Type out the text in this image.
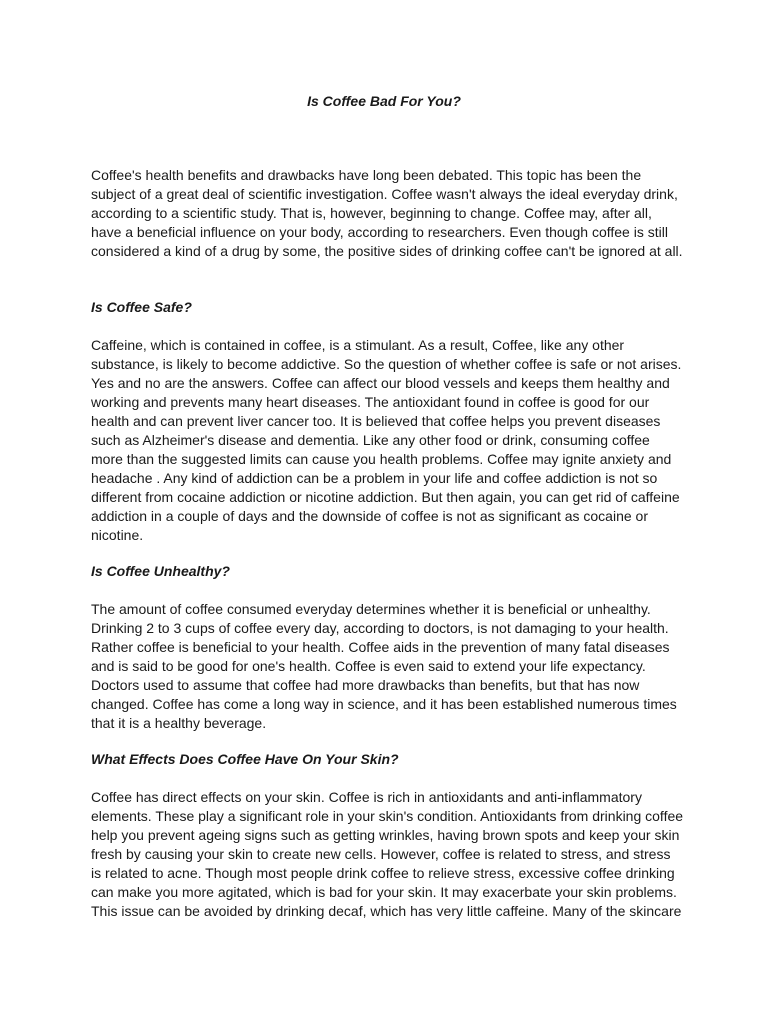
Is Coffee Bad For You?

Coffee's health benefits and drawbacks have long been debated. This topic has been the
subject of a great deal of scientific investigation. Coffee wasn't always the ideal everyday drink,
according to a scientific study. That is, however, beginning to change. Coffee may, after all,
have a beneficial influence on your body, according to researchers. Even though coffee is still
considered a kind of a drug by some, the positive sides of drinking coffee can't be ignored at all.

Is Coffee Safe?

Caffeine, which is contained in coffee, is a stimulant. As a result, Coffee, like any other
substance, is likely to become addictive. So the question of whether coffee is safe or not arises.
Yes and no are the answers. Coffee can affect our blood vessels and keeps them healthy and
working and prevents many heart diseases. The antioxidant found in coffee is good for our
health and can prevent liver cancer too. It is believed that coffee helps you prevent diseases
such as Alzheimer's disease and dementia. Like any other food or drink, consuming coffee
more than the suggested limits can cause you health problems. Coffee may ignite anxiety and
headache . Any kind of addiction can be a problem in your life and coffee addiction is not so
different from cocaine addiction or nicotine addiction. But then again, you can get rid of caffeine
addiction in a couple of days and the downside of coffee is not as significant as cocaine or
nicotine.

Is Coffee Unhealthy?

The amount of coffee consumed everyday determines whether it is beneficial or unhealthy.
Drinking 2 to 3 cups of coffee every day, according to doctors, is not damaging to your health.
Rather coffee is beneficial to your health. Coffee aids in the prevention of many fatal diseases
and is said to be good for one's health. Coffee is even said to extend your life expectancy.
Doctors used to assume that coffee had more drawbacks than benefits, but that has now
changed. Coffee has come a long way in science, and it has been established numerous times
that it is a healthy beverage.

What Effects Does Coffee Have On Your Skin?

Coffee has direct effects on your skin. Coffee is rich in antioxidants and anti-inflammatory
elements. These play a significant role in your skin's condition. Antioxidants from drinking coffee
help you prevent ageing signs such as getting wrinkles, having brown spots and keep your skin
fresh by causing your skin to create new cells. However, coffee is related to stress, and stress
is related to acne. Though most people drink coffee to relieve stress, excessive coffee drinking
can make you more agitated, which is bad for your skin. It may exacerbate your skin problems.
This issue can be avoided by drinking decaf, which has very little caffeine. Many of the skincare
